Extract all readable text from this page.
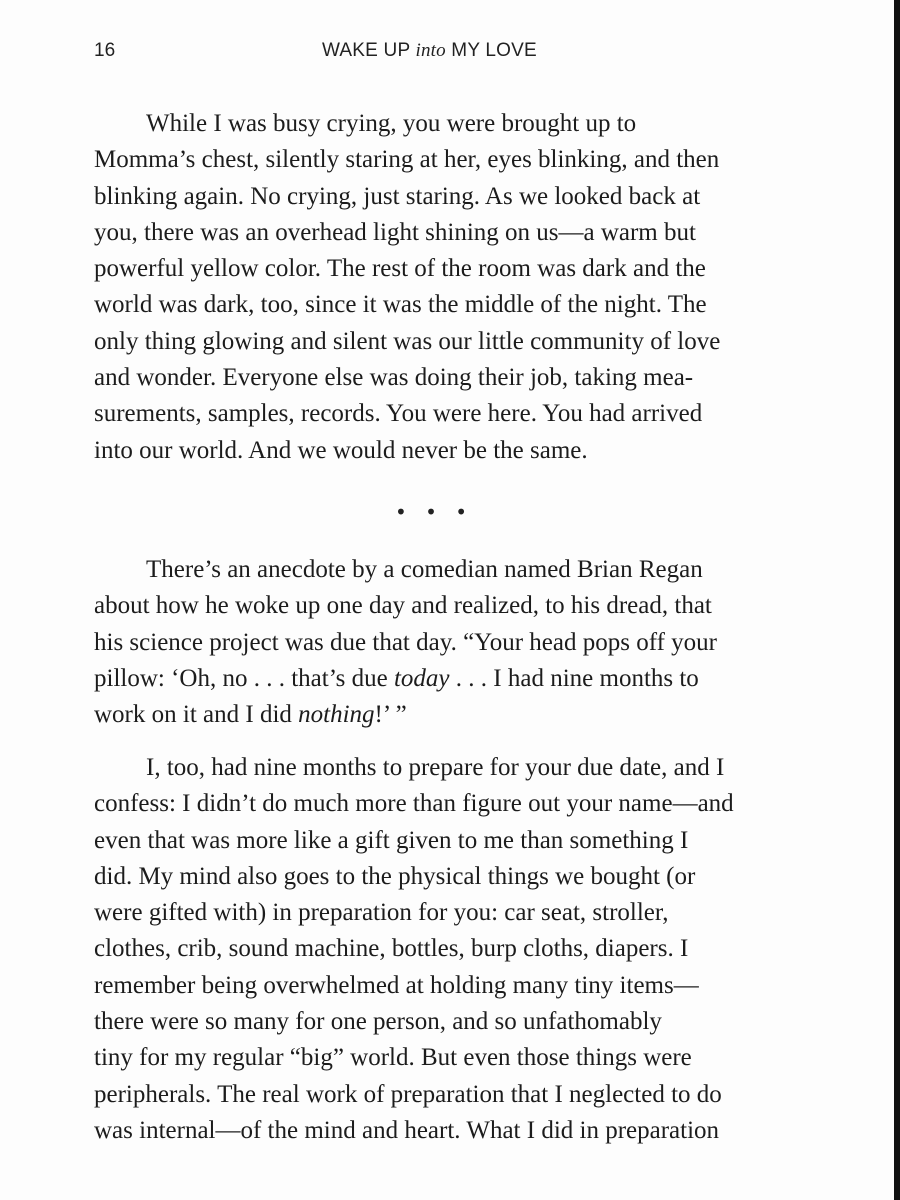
16	WAKE UP into MY LOVE
While I was busy crying, you were brought up to
Momma’s chest, silently staring at her, eyes blinking, and then
blinking again. No crying, just staring. As we looked back at
you, there was an overhead light shining on us—a warm but
powerful yellow color. The rest of the room was dark and the
world was dark, too, since it was the middle of the night. The
only thing glowing and silent was our little community of love
and wonder. Everyone else was doing their job, taking mea-
surements, samples, records. You were here. You had arrived
into our world. And we would never be the same.
• • •
There’s an anecdote by a comedian named Brian Regan
about how he woke up one day and realized, to his dread, that
his science project was due that day. “Your head pops off your
pillow: ‘Oh, no . . . that’s due today . . . I had nine months to
work on it and I did nothing!’ ”
I, too, had nine months to prepare for your due date, and I
confess: I didn’t do much more than figure out your name—and
even that was more like a gift given to me than something I
did. My mind also goes to the physical things we bought (or
were gifted with) in preparation for you: car seat, stroller,
clothes, crib, sound machine, bottles, burp cloths, diapers. I
remember being overwhelmed at holding many tiny items—
there were so many for one person, and so unfathomably
tiny for my regular “big” world. But even those things were
peripherals. The real work of preparation that I neglected to do
was internal—of the mind and heart. What I did in preparation
